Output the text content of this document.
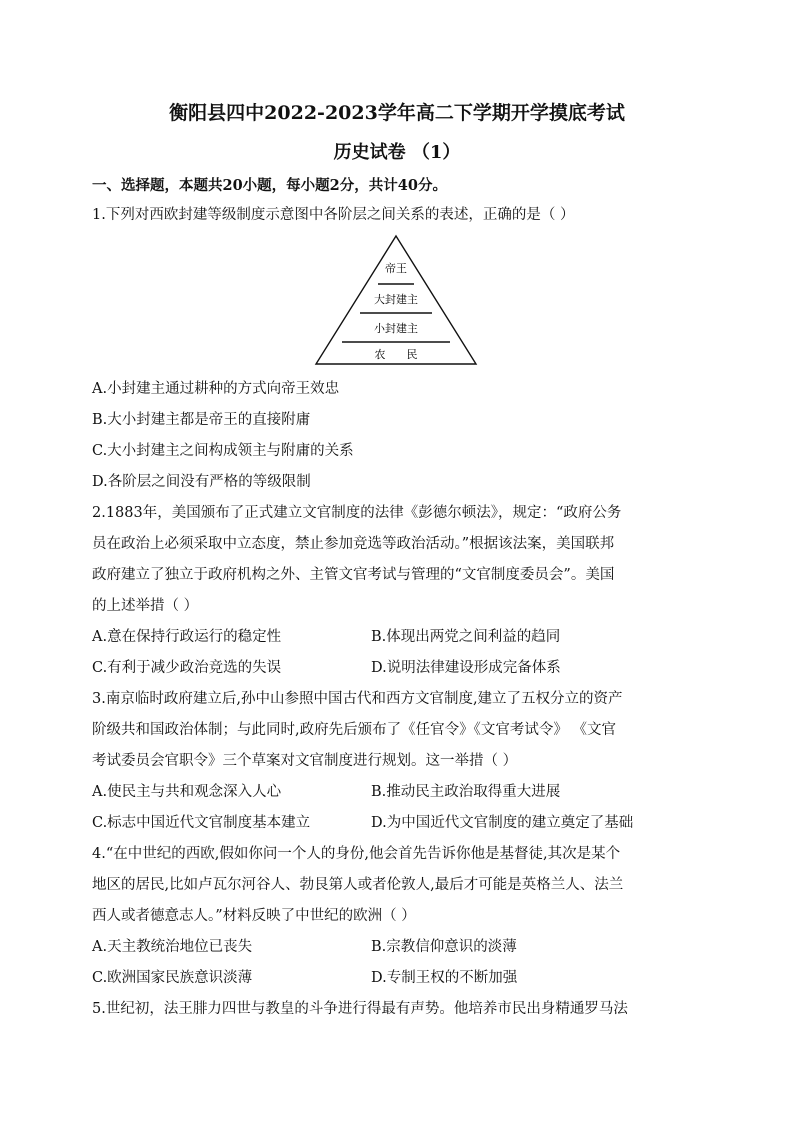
衡阳县四中2022-2023学年高二下学期开学摸底考试
历史试卷 （1）
一、选择题，本题共20小题，每小题2分，共计40分。
1.下列对西欧封建等级制度示意图中各阶层之间关系的表述，正确的是（ ）
帝王
大封建主
小封建主
农      民
A.小封建主通过耕种的方式向帝王效忠
B.大小封建主都是帝王的直接附庸
C.大小封建主之间构成领主与附庸的关系
D.各阶层之间没有严格的等级限制
2.1883年，美国颁布了正式建立文官制度的法律《彭德尔顿法》，规定：“政府公务
员在政治上必须采取中立态度，禁止参加竞选等政治活动。”根据该法案，美国联邦
政府建立了独立于政府机构之外、主管文官考试与管理的“文官制度委员会”。美国
的上述举措（ ）
A.意在保持行政运行的稳定性	B.体现出两党之间利益的趋同
C.有利于减少政治竞选的失误	D.说明法律建设形成完备体系
3.南京临时政府建立后,孙中山参照中国古代和西方文官制度,建立了五权分立的资产
阶级共和国政治体制；与此同时,政府先后颁布了《任官令》《文官考试令》 《文官
考试委员会官职令》三个草案对文官制度进行规划。这一举措（ ）
A.使民主与共和观念深入人心	B.推动民主政治取得重大进展
C.标志中国近代文官制度基本建立	D.为中国近代文官制度的建立奠定了基础
4.“在中世纪的西欧,假如你问一个人的身份,他会首先告诉你他是基督徒,其次是某个
地区的居民,比如卢瓦尔河谷人、勃艮第人或者伦敦人,最后才可能是英格兰人、法兰
西人或者德意志人。”材料反映了中世纪的欧洲（ ）
A.天主教统治地位已丧失	B.宗教信仰意识的淡薄
C.欧洲国家民族意识淡薄	D.专制王权的不断加强
5.世纪初，法王腓力四世与教皇的斗争进行得最有声势。他培养市民出身精通罗马法
